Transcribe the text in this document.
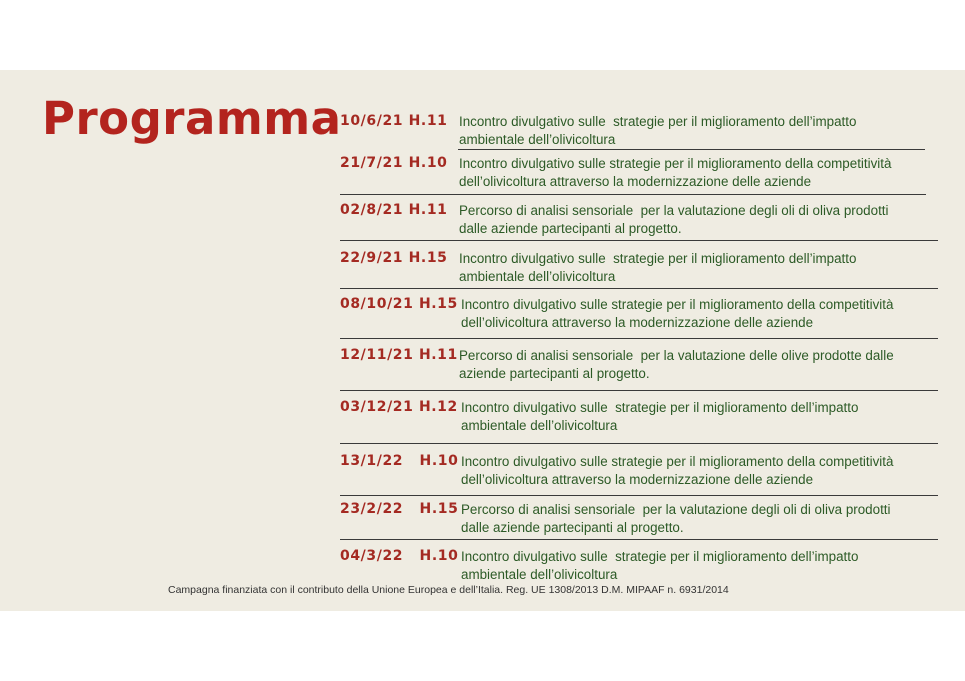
Programma
10/6/21 H.11 Incontro divulgativo sulle  strategie per il miglioramento dell’impatto
ambientale dell’olivicoltura
21/7/21 H.10 Incontro divulgativo sulle strategie per il miglioramento della competitività
dell’olivicoltura attraverso la modernizzazione delle aziende
02/8/21 H.11 Percorso di analisi sensoriale  per la valutazione degli oli di oliva prodotti
dalle aziende partecipanti al progetto.
22/9/21 H.15 Incontro divulgativo sulle  strategie per il miglioramento dell’impatto
ambientale dell’olivicoltura
08/10/21 H.15 Incontro divulgativo sulle strategie per il miglioramento della competitività
dell’olivicoltura attraverso la modernizzazione delle aziende
12/11/21 H.11 Percorso di analisi sensoriale  per la valutazione delle olive prodotte dalle
aziende partecipanti al progetto.
03/12/21 H.12 Incontro divulgativo sulle  strategie per il miglioramento dell’impatto
ambientale dell’olivicoltura
13/1/22   H.10 Incontro divulgativo sulle strategie per il miglioramento della competitività
dell’olivicoltura attraverso la modernizzazione delle aziende
23/2/22   H.15 Percorso di analisi sensoriale  per la valutazione degli oli di oliva prodotti
dalle aziende partecipanti al progetto.
04/3/22   H.10 Incontro divulgativo sulle  strategie per il miglioramento dell’impatto
ambientale dell’olivicoltura
Campagna finanziata con il contributo della Unione Europea e dell’Italia. Reg. UE 1308/2013 D.M. MIPAAF n. 6931/2014
